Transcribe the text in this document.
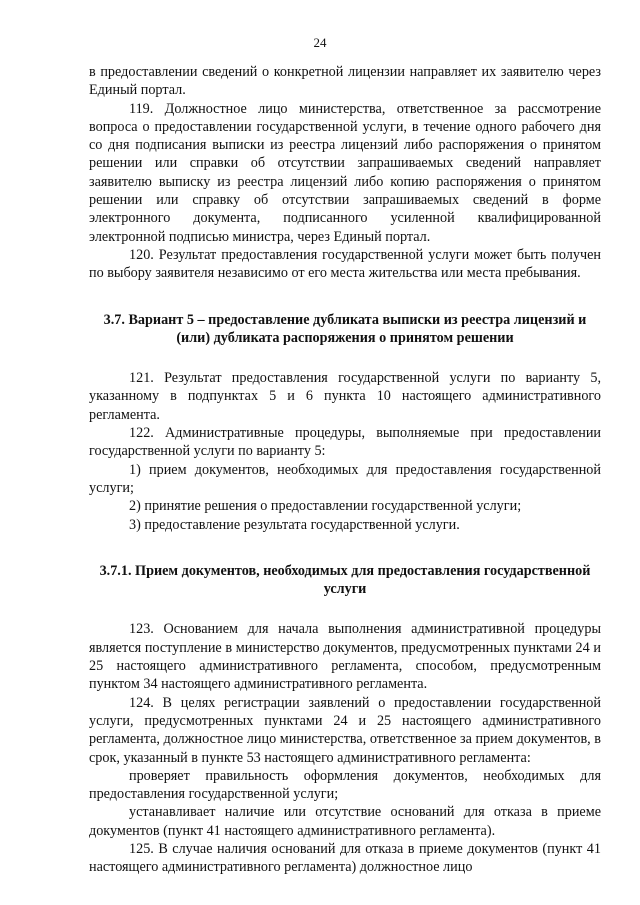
24

в предоставлении сведений о конкретной лицензии направляет их заявителю через Единый портал.

119. Должностное лицо министерства, ответственное за рассмотрение вопроса о предоставлении государственной услуги, в течение одного рабочего дня со дня подписания выписки из реестра лицензий либо распоряжения о принятом решении или справки об отсутствии запрашиваемых сведений направляет заявителю выписку из реестра лицензий либо копию распоряжения о принятом решении или справку об отсутствии запрашиваемых сведений в форме электронного документа, подписанного усиленной квалифицированной электронной подписью министра, через Единый портал.

120. Результат предоставления государственной услуги может быть получен по выбору заявителя независимо от его места жительства или места пребывания.

3.7. Вариант 5 – предоставление дубликата выписки из реестра лицензий и (или) дубликата распоряжения о принятом решении

121. Результат предоставления государственной услуги по варианту 5, указанному в подпунктах 5 и 6 пункта 10 настоящего административного регламента.

122. Административные процедуры, выполняемые при предоставлении государственной услуги по варианту 5:

1) прием документов, необходимых для предоставления государственной услуги;

2) принятие решения о предоставлении государственной услуги;

3) предоставление результата государственной услуги.

3.7.1. Прием документов, необходимых для предоставления государственной услуги

123. Основанием для начала выполнения административной процедуры является поступление в министерство документов, предусмотренных пунктами 24 и 25 настоящего административного регламента, способом, предусмотренным пунктом 34 настоящего административного регламента.

124. В целях регистрации заявлений о предоставлении государственной услуги, предусмотренных пунктами 24 и 25 настоящего административного регламента, должностное лицо министерства, ответственное за прием документов, в срок, указанный в пункте 53 настоящего административного регламента:

проверяет правильность оформления документов, необходимых для предоставления государственной услуги;

устанавливает наличие или отсутствие оснований для отказа в приеме документов (пункт 41 настоящего административного регламента).

125. В случае наличия оснований для отказа в приеме документов (пункт 41 настоящего административного регламента) должностное лицо
